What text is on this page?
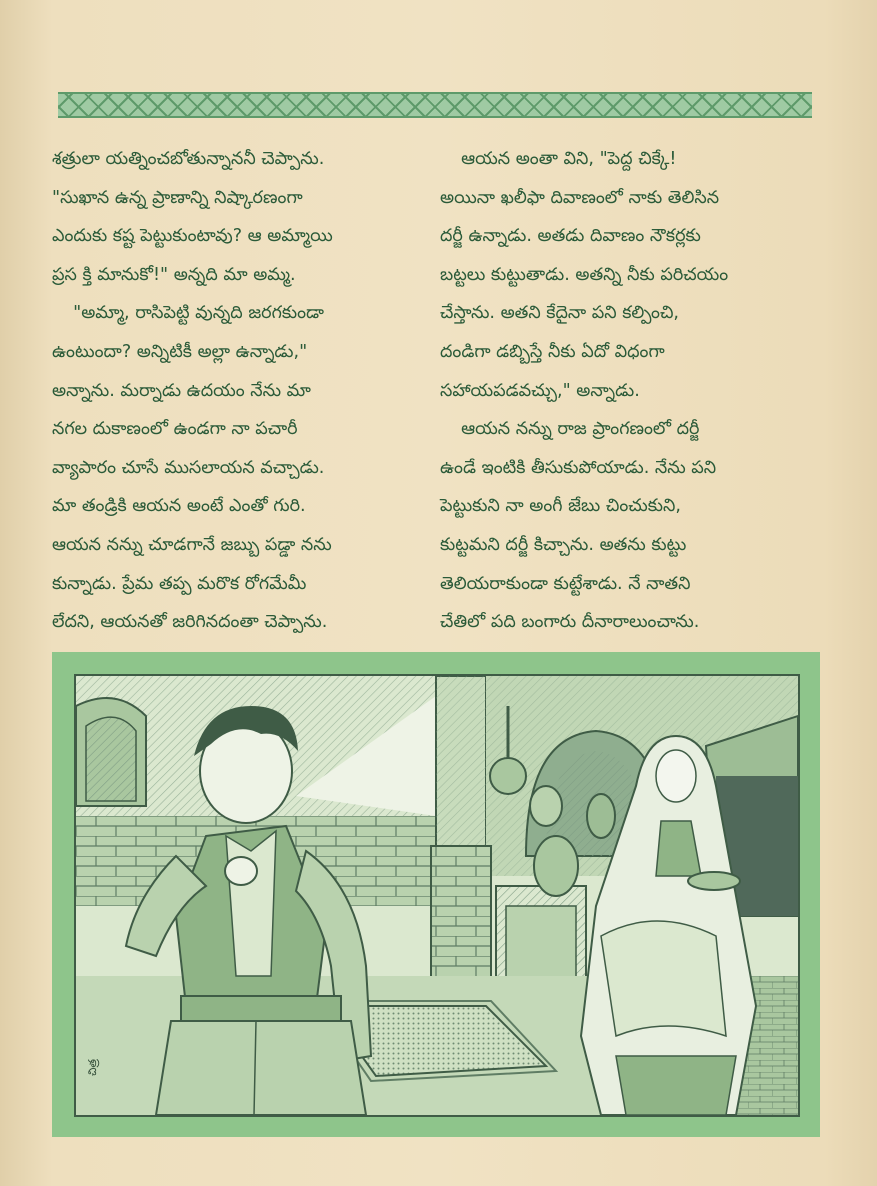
శత్రులా యత్నించబోతున్నాననీ చెప్పాను.
"సుఖాన ఉన్న ప్రాణాన్ని నిష్కారణంగా
ఎందుకు కష్ట పెట్టుకుంటావు? ఆ అమ్మాయి
ప్రస క్తి మానుకో!" అన్నది మా అమ్మ.

"అమ్మా, రాసిపెట్టి వున్నది జరగకుండా
ఉంటుందా? అన్నిటికీ అల్లా ఉన్నాడు,"
అన్నాను. మర్నాడు ఉదయం నేను మా
నగల దుకాణంలో ఉండగా నా పచారీ
వ్యాపారం చూసే ముసలాయన వచ్చాడు.
మా తండ్రికి ఆయన అంటే ఎంతో గురి.
ఆయన నన్ను చూడగానే జబ్బు పడ్డా నను
కున్నాడు. ప్రేమ తప్ప మరొక రోగమేమీ
లేదని, ఆయనతో జరిగినదంతా చెప్పాను.

ఆయన అంతా విని, "పెద్ద చిక్కే!
అయినా ఖలీఫా దివాణంలో నాకు తెలిసిన
దర్జీ ఉన్నాడు. అతడు దివాణం నౌకర్లకు
బట్టలు కుట్టుతాడు. అతన్ని నీకు పరిచయం
చేస్తాను. అతని కేదైనా పని కల్పించి,
దండిగా డబ్బిస్తే నీకు ఏదో విధంగా
సహాయపడవచ్చు," అన్నాడు.

ఆయన నన్ను రాజ ప్రాంగణంలో దర్జీ
ఉండే ఇంటికి తీసుకుపోయాడు. నేను పని
పెట్టుకుని నా అంగీ జేబు చించుకుని,
కుట్టమని దర్జీ కిచ్చాను. అతను కుట్టు
తెలియరాకుండా కుట్టేశాడు. నే నాతని
చేతిలో పది బంగారు దీనారాలుంచాను.

చిత్ర
